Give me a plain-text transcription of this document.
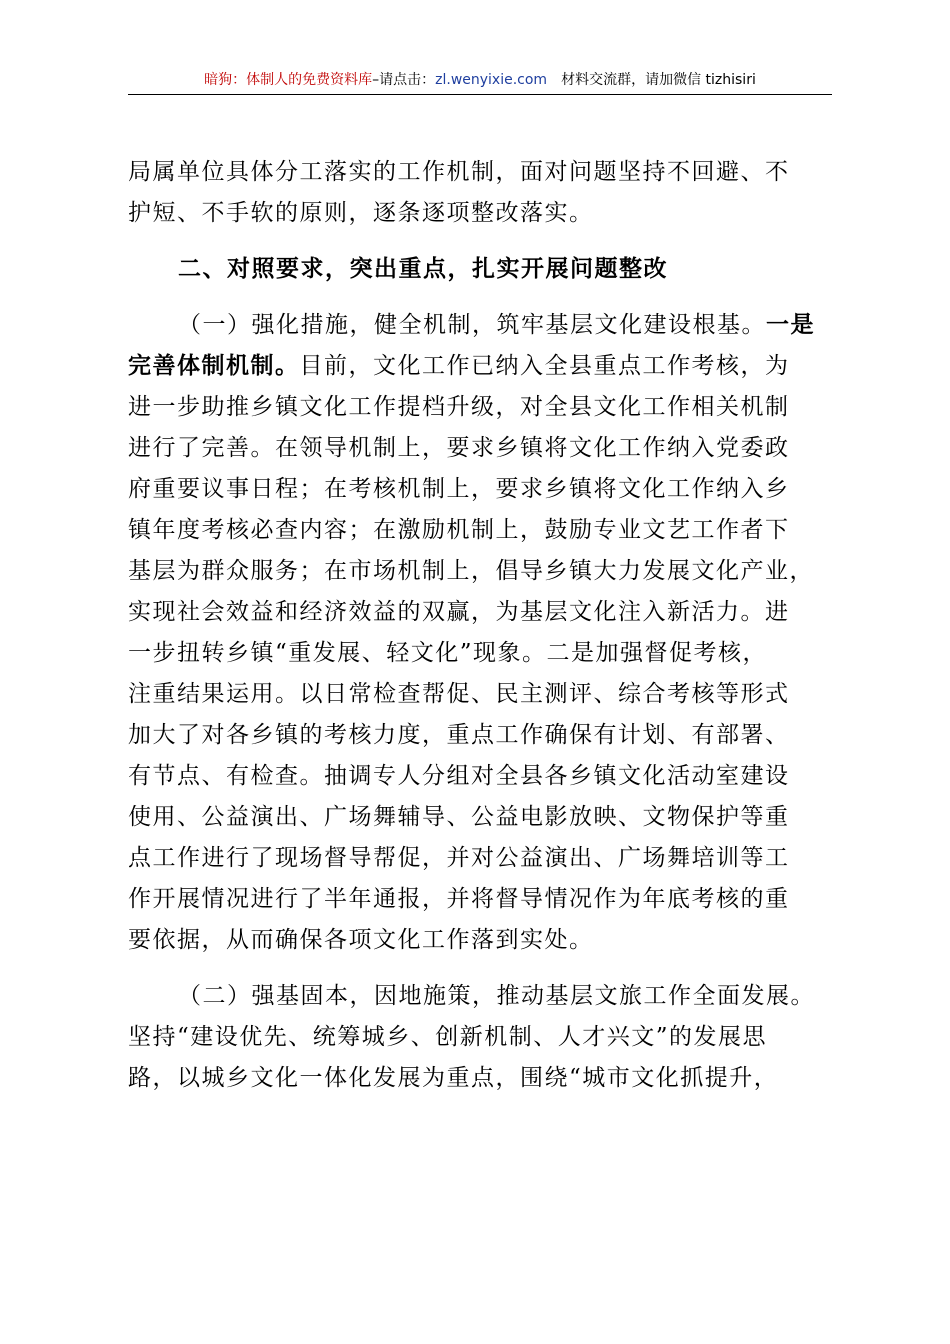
暗狗：体制人的免费资料库–请点击：zl.wenyixie.com 材料交流群，请加微信 tizhisiri
局属单位具体分工落实的工作机制，面对问题坚持不回避、不
护短、不手软的原则，逐条逐项整改落实。
二、对照要求，突出重点，扎实开展问题整改
（一）强化措施，健全机制，筑牢基层文化建设根基。一是
完善体制机制。目前，文化工作已纳入全县重点工作考核，为
进一步助推乡镇文化工作提档升级，对全县文化工作相关机制
进行了完善。在领导机制上，要求乡镇将文化工作纳入党委政
府重要议事日程；在考核机制上，要求乡镇将文化工作纳入乡
镇年度考核必查内容；在激励机制上，鼓励专业文艺工作者下
基层为群众服务；在市场机制上，倡导乡镇大力发展文化产业，
实现社会效益和经济效益的双赢，为基层文化注入新活力。进
一步扭转乡镇“重发展、轻文化”现象。二是加强督促考核，
注重结果运用。以日常检查帮促、民主测评、综合考核等形式
加大了对各乡镇的考核力度，重点工作确保有计划、有部署、
有节点、有检查。抽调专人分组对全县各乡镇文化活动室建设
使用、公益演出、广场舞辅导、公益电影放映、文物保护等重
点工作进行了现场督导帮促，并对公益演出、广场舞培训等工
作开展情况进行了半年通报，并将督导情况作为年底考核的重
要依据，从而确保各项文化工作落到实处。
（二）强基固本，因地施策，推动基层文旅工作全面发展。
坚持“建设优先、统筹城乡、创新机制、人才兴文”的发展思
路，以城乡文化一体化发展为重点，围绕“城市文化抓提升，
